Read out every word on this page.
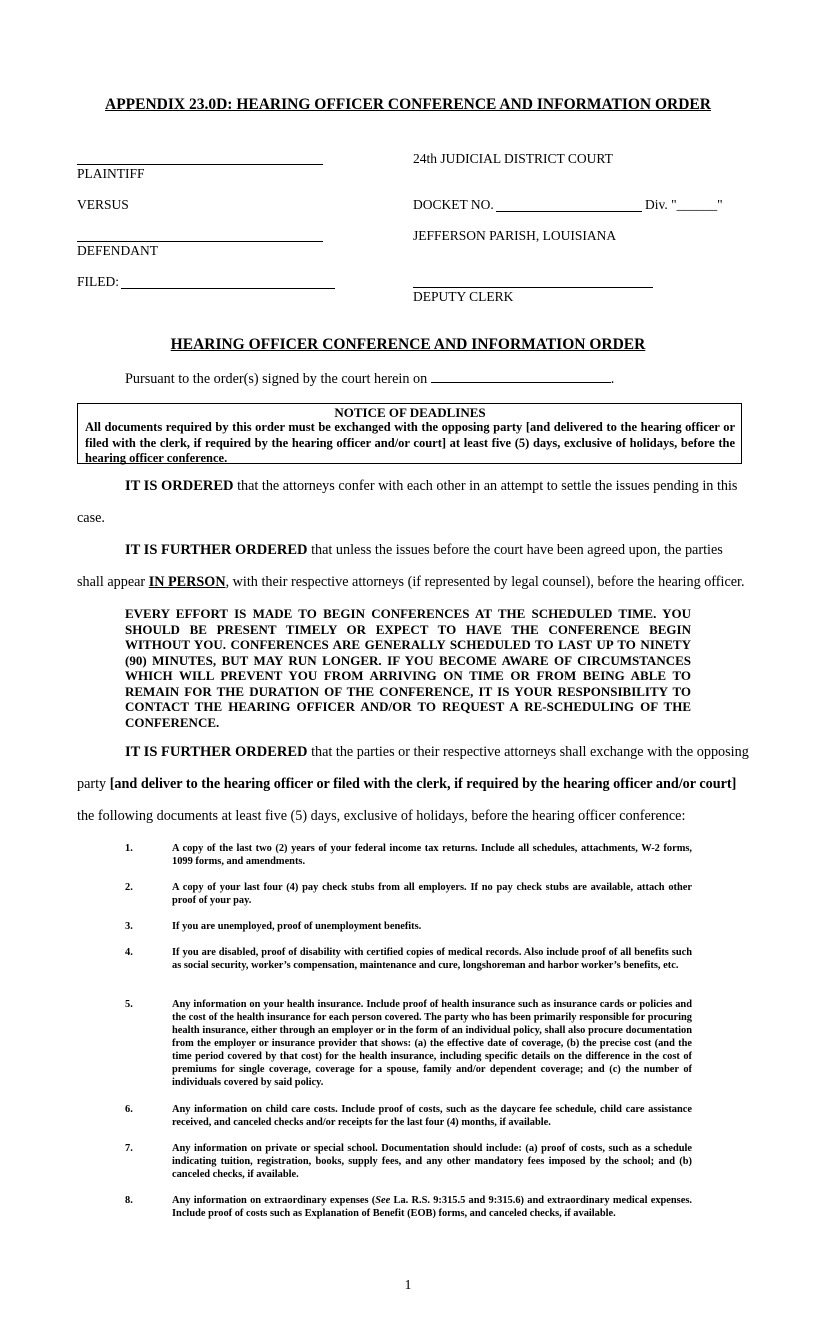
APPENDIX 23.0D: HEARING OFFICER CONFERENCE AND INFORMATION ORDER
PLAINTIFF
VERSUS
DEFENDANT
FILED:
24th JUDICIAL DISTRICT COURT
DOCKET NO.	Div. "______"
JEFFERSON PARISH, LOUISIANA
DEPUTY CLERK
HEARING OFFICER CONFERENCE AND INFORMATION ORDER
Pursuant to the order(s) signed by the court herein on	.
NOTICE OF DEADLINES
All documents required by this order must be exchanged with the opposing party [and delivered to the hearing officer or filed with the clerk, if required by the hearing officer and/or court] at least five (5) days, exclusive of holidays, before the hearing officer conference.
IT IS ORDERED that the attorneys confer with each other in an attempt to settle the issues pending in this
case.
IT IS FURTHER ORDERED that unless the issues before the court have been agreed upon, the parties
shall appear IN PERSON, with their respective attorneys (if represented by legal counsel), before the hearing officer.
EVERY EFFORT IS MADE TO BEGIN CONFERENCES AT THE SCHEDULED TIME. YOU SHOULD BE PRESENT TIMELY OR EXPECT TO HAVE THE CONFERENCE BEGIN WITHOUT YOU. CONFERENCES ARE GENERALLY SCHEDULED TO LAST UP TO NINETY (90) MINUTES, BUT MAY RUN LONGER. IF YOU BECOME AWARE OF CIRCUMSTANCES WHICH WILL PREVENT YOU FROM ARRIVING ON TIME OR FROM BEING ABLE TO REMAIN FOR THE DURATION OF THE CONFERENCE, IT IS YOUR RESPONSIBILITY TO CONTACT THE HEARING OFFICER AND/OR TO REQUEST A RE-SCHEDULING OF THE CONFERENCE.
IT IS FURTHER ORDERED that the parties or their respective attorneys shall exchange with the opposing
party [and deliver to the hearing officer or filed with the clerk, if required by the hearing officer and/or court]
the following documents at least five (5) days, exclusive of holidays, before the hearing officer conference:
1.	A copy of the last two (2) years of your federal income tax returns. Include all schedules, attachments, W-2 forms, 1099 forms, and amendments.
2.	A copy of your last four (4) pay check stubs from all employers. If no pay check stubs are available, attach other proof of your pay.
3.	If you are unemployed, proof of unemployment benefits.
4.	If you are disabled, proof of disability with certified copies of medical records. Also include proof of all benefits such as social security, worker’s compensation, maintenance and cure, longshoreman and harbor worker’s benefits, etc.
5.	Any information on your health insurance. Include proof of health insurance such as insurance cards or policies and the cost of the health insurance for each person covered. The party who has been primarily responsible for procuring health insurance, either through an employer or in the form of an individual policy, shall also procure documentation from the employer or insurance provider that shows: (a) the effective date of coverage, (b) the precise cost (and the time period covered by that cost) for the health insurance, including specific details on the difference in the cost of premiums for single coverage, coverage for a spouse, family and/or dependent coverage; and (c) the number of individuals covered by said policy.
6.	Any information on child care costs. Include proof of costs, such as the daycare fee schedule, child care assistance received, and canceled checks and/or receipts for the last four (4) months, if available.
7.	Any information on private or special school. Documentation should include: (a) proof of costs, such as a schedule indicating tuition, registration, books, supply fees, and any other mandatory fees imposed by the school; and (b) canceled checks, if available.
8.	Any information on extraordinary expenses (See La. R.S. 9:315.5 and 9:315.6) and extraordinary medical expenses. Include proof of costs such as Explanation of Benefit (EOB) forms, and canceled checks, if available.
1
